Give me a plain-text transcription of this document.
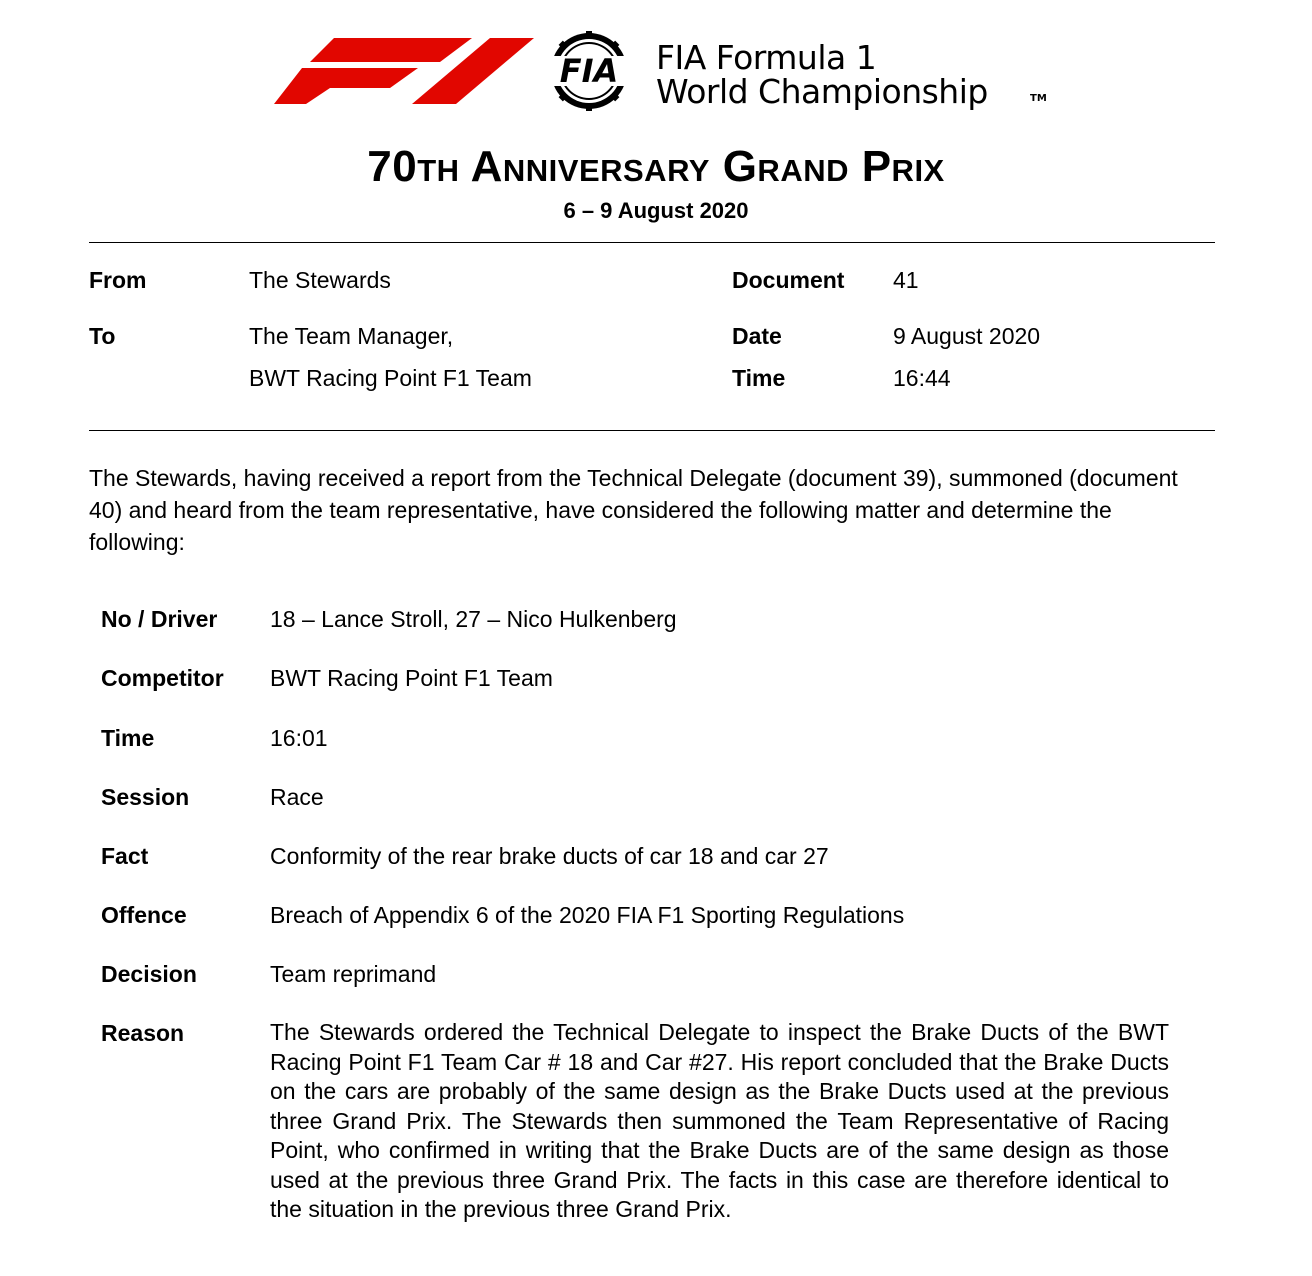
FIA FIA Formula 1
World Championship	TM
70th Anniversary Grand Prix
6 – 9 August 2020
From	The Stewards	Document 41
To	The Team Manager,	Date	9 August 2020
BWT Racing Point F1 Team	Time	16:44
The Stewards, having received a report from the Technical Delegate (document 39), summoned (document 40) and heard from the team representative, have considered the following matter and determine the following:
No / Driver 18 – Lance Stroll, 27 – Nico Hulkenberg
Competitor BWT Racing Point F1 Team
Time	16:01
Session	Race
Fact	Conformity of the rear brake ducts of car 18 and car 27
Offence	Breach of Appendix 6 of the 2020 FIA F1 Sporting Regulations
Decision	Team reprimand
Reason	The Stewards ordered the Technical Delegate to inspect the Brake Ducts of the BWT Racing Point F1 Team Car # 18 and Car #27. His report concluded that the Brake Ducts on the cars are probably of the same design as the Brake Ducts used at the previous three Grand Prix. The Stewards then summoned the Team Representative of Racing Point, who confirmed in writing that the Brake Ducts are of the same design as those used at the previous three Grand Prix. The facts in this case are therefore identical to the situation in the previous three Grand Prix.
